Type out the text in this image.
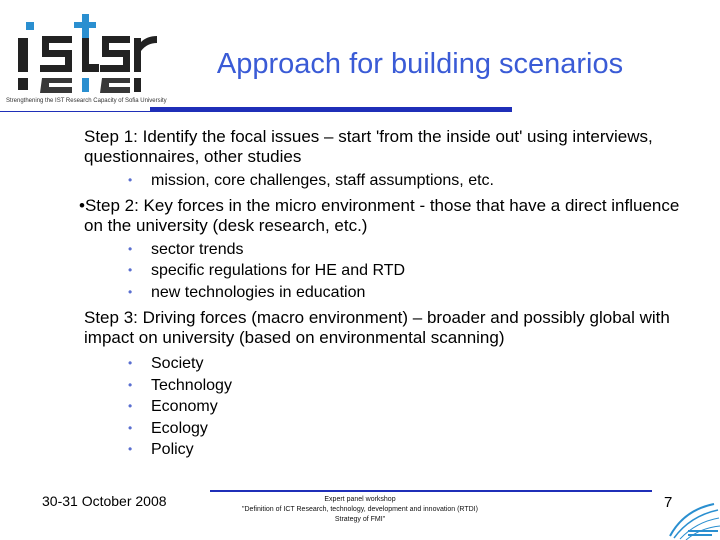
Strengthening the IST Research Capacity of Sofia University
Approach for building scenarios

Step 1: Identify the focal issues – start 'from the inside out' using interviews, questionnaires, other studies

• mission, core challenges, staff assumptions, etc.

•Step 2: Key forces in the micro environment - those that have a direct influence on the university (desk research, etc.)

• sector trends
• specific regulations for HE and RTD
• new technologies in education

Step 3: Driving forces (macro environment) – broader and possibly global with impact on university (based on environmental scanning)

• Society
• Technology
• Economy
• Ecology
• Policy
30-31 October 2008	Expert panel workshop
"Definition of ICT Research, technology, development and innovation (RTDI) Strategy of FMI"
7
